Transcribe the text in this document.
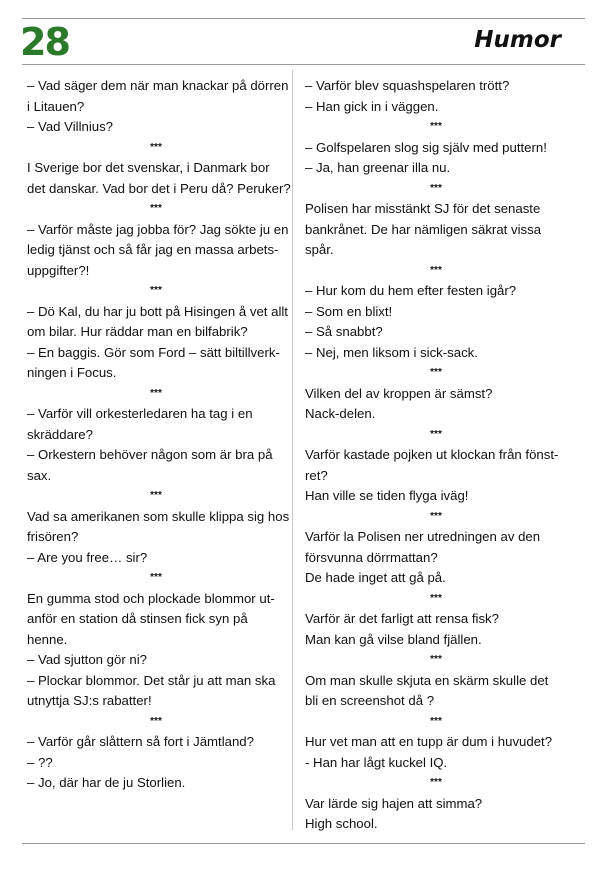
28	Humor
– Vad säger dem när man knackar på dörren
i Litauen?
– Vad Villnius?
***
I Sverige bor det svenskar, i Danmark bor
det danskar. Vad bor det i Peru då? Peruker?
***
– Varför måste jag jobba för? Jag sökte ju en
ledig tjänst och så får jag en massa arbets-
uppgifter?!
***
– Dö Kal, du har ju bott på Hisingen å vet allt
om bilar. Hur räddar man en bilfabrik?
– En baggis. Gör som Ford – sätt biltillverk-
ningen i Focus.
***
– Varför vill orkesterledaren ha tag i en
skräddare?
– Orkestern behöver någon som är bra på
sax.
***
Vad sa amerikanen som skulle klippa sig hos
frisören?
– Are you free… sir?
***
En gumma stod och plockade blommor ut-
anför en station då stinsen fick syn på
henne.
– Vad sjutton gör ni?
– Plockar blommor. Det står ju att man ska
utnyttja SJ:s rabatter!
***
– Varför går slåttern så fort i Jämtland?
– ??
– Jo, där har de ju Storlien.
– Varför blev squashspelaren trött?
– Han gick in i väggen.
***
– Golfspelaren slog sig själv med puttern!
– Ja, han greenar illa nu.
***
Polisen har misstänkt SJ för det senaste
bankrånet. De har nämligen säkrat vissa
spår.
***
– Hur kom du hem efter festen igår?
– Som en blixt!
– Så snabbt?
– Nej, men liksom i sick-sack.
***
Vilken del av kroppen är sämst?
Nack-delen.
***
Varför kastade pojken ut klockan från fönst-
ret?
Han ville se tiden flyga iväg!
***
Varför la Polisen ner utredningen av den
försvunna dörrmattan?
De hade inget att gå på.
***
Varför är det farligt att rensa fisk?
Man kan gå vilse bland fjällen.
***
Om man skulle skjuta en skärm skulle det
bli en screenshot då ?
***
Hur vet man att en tupp är dum i huvudet?
- Han har lågt kuckel IQ.
***
Var lärde sig hajen att simma?
High school.
